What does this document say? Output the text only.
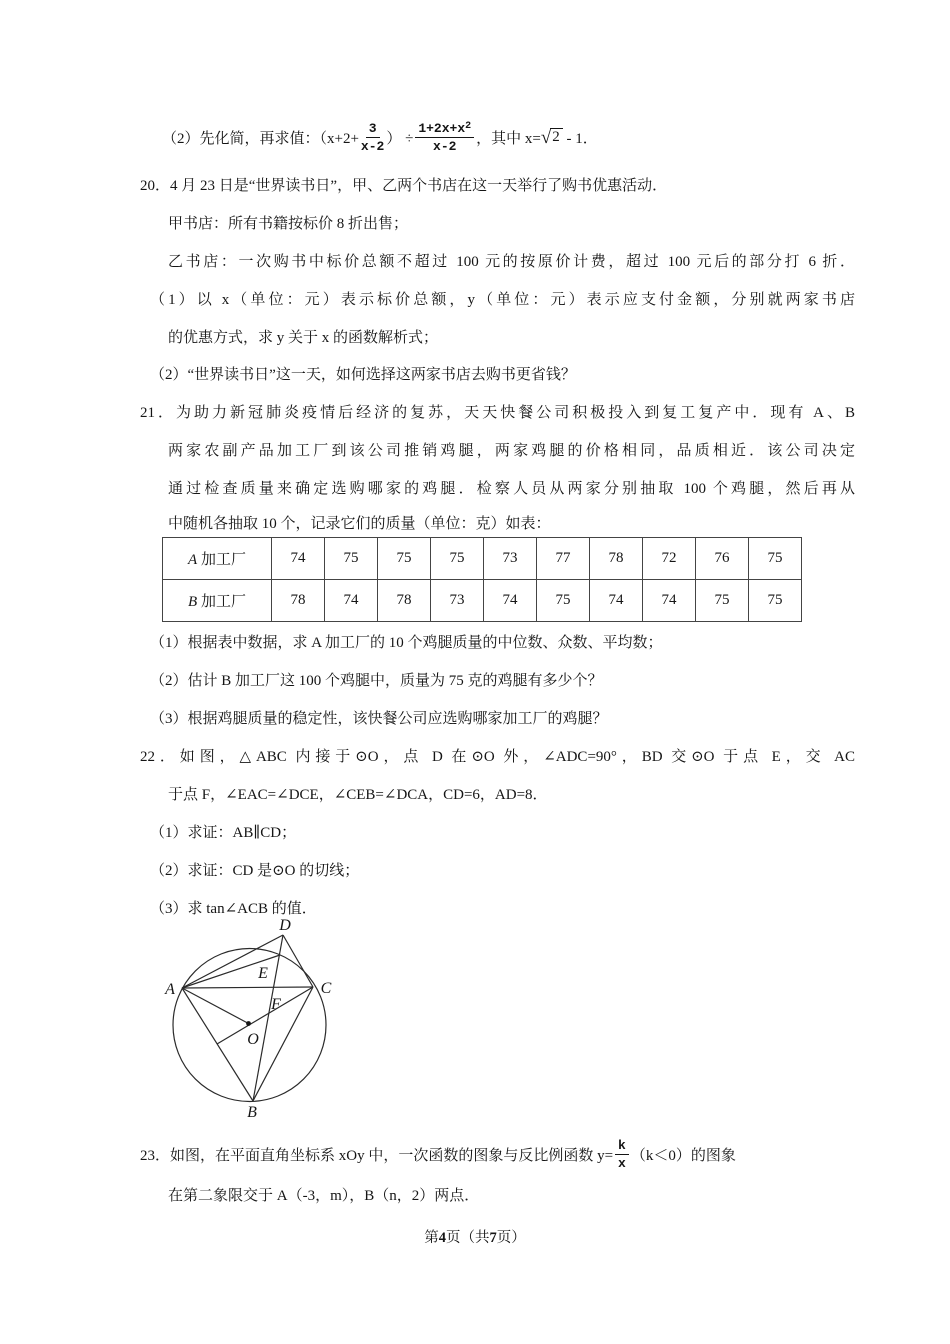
（2）先化简，再求值：（$x+2+ \frac{3}{x-2}$ ） ÷ $\frac{1+2x+x^2}{x-2}$ ，其中 x= √ 2 - 1．
20．4 月 23 日是“世界读书日”，甲、乙两个书店在这一天举行了购书优惠活动．
甲书店：所有书籍按标价 8 折出售；
乙书店：一次购书中标价总额不超过 100 元的按原价计费，超过 100 元后的部分打 6 折．
（1）以 x（单位：元）表示标价总额，y（单位：元）表示应支付金额，分别就两家书店
的优惠方式，求 y 关于 x 的函数解析式；
（2）“世界读书日”这一天，如何选择这两家书店去购书更省钱？
21．为助力新冠肺炎疫情后经济的复苏，天天快餐公司积极投入到复工复产中．现有 A、B
两家农副产品加工厂到该公司推销鸡腿，两家鸡腿的价格相同，品质相近．该公司决定
通过检查质量来确定选购哪家的鸡腿．检察人员从两家分别抽取 100 个鸡腿，然后再从
中随机各抽取 10 个，记录它们的质量（单位：克）如表：
A 加工厂	74	75	75	75	73	77	78	72	76	75
B 加工厂	78	74	78	73	74	75	74	74	75	75
（1）根据表中数据，求 A 加工厂的 10 个鸡腿质量的中位数、众数、平均数；
（2）估计 B 加工厂这 100 个鸡腿中，质量为 75 克的鸡腿有多少个？
（3）根据鸡腿质量的稳定性，该快餐公司应选购哪家加工厂的鸡腿？
22．如图，△ABC 内接于⊙O，点 D 在⊙O 外，∠ADC=90°，BD 交⊙O 于点 E，交 AC
于点 F，∠EAC=∠DCE，∠CEB=∠DCA，CD=6，AD=8．
（1）求证：AB∥CD；
（2）求证：CD 是⊙O 的切线；
（3）求 tan∠ACB 的值．
A
B
C
D
E
F
O
23．如图，在平面直角坐标系 xOy 中，一次函数的图象与反比例函数 $y= \frac{k}{x} (k<0)$的图象
在第二象限交于 A（-3，m），B（n，2）两点．
第4页（共7页）
